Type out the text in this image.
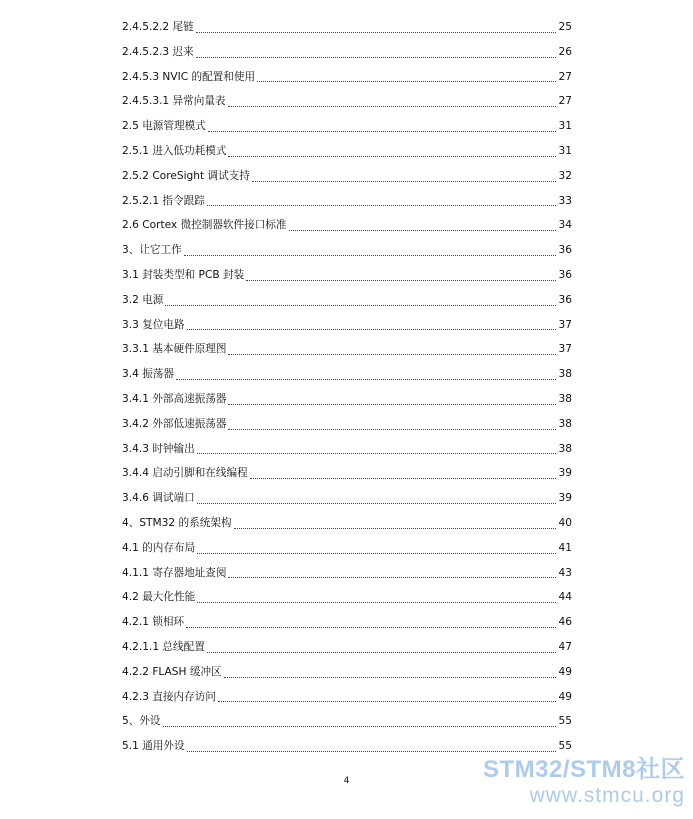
2.4.5.2.2 尾链	25
2.4.5.2.3 迟来	26
2.4.5.3 NVIC 的配置和使用	27
2.4.5.3.1 异常向量表	27
2.5 电源管理模式	31
2.5.1 进入低功耗模式	31
2.5.2 CoreSight 调试支持	32
2.5.2.1 指令跟踪	33
2.6 Cortex 微控制器软件接口标准	34
3、让它工作	36
3.1 封装类型和 PCB 封装	36
3.2 电源	36
3.3 复位电路	37
3.3.1 基本硬件原理图	37
3.4 振荡器	38
3.4.1 外部高速振荡器	38
3.4.2 外部低速振荡器	38
3.4.3 时钟输出	38
3.4.4 启动引脚和在线编程	39
3.4.6 调试端口	39
4、STM32 的系统架构	40
4.1 的内存布局	41
4.1.1 寄存器地址查阅	43
4.2 最大化性能	44
4.2.1 锁相环	46
4.2.1.1 总线配置	47
4.2.2 FLASH 缓冲区	49
4.2.3 直接内存访问	49
5、外设	55
5.1 通用外设	55
4	STM32/STM8社区
www.stmcu.org
